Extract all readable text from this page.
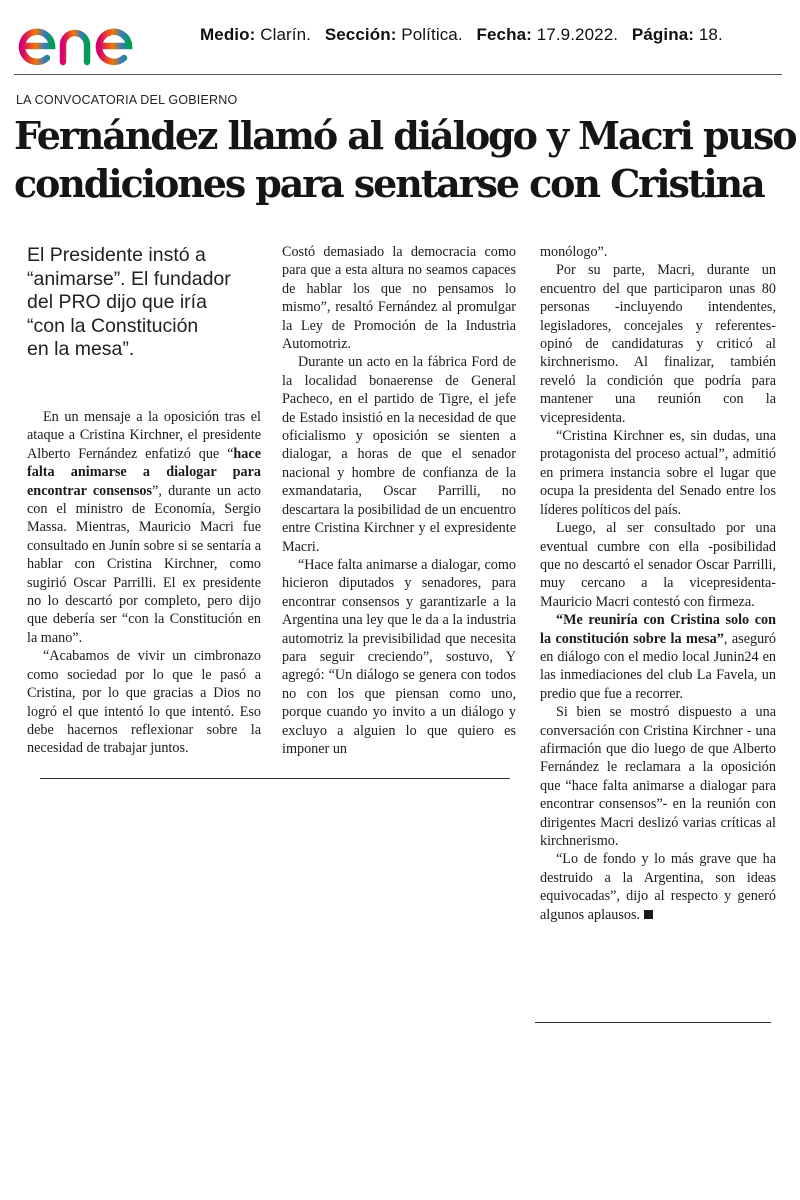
Medio: Clarín. Sección: Política. Fecha: 17.9.2022. Página: 18.
LA CONVOCATORIA DEL GOBIERNO
Fernández llamó al diálogo y Macri puso
condiciones para sentarse con Cristina
El Presidente instó a
“animarse”. El fundador
del PRO dijo que iría
“con la Constitución
en la mesa”.

En un mensaje a la oposición tras el ataque a Cristina Kirchner, el presidente Alberto Fernández enfatizó que “hace falta animarse a dialogar para encontrar consensos”, durante un acto con el ministro de Economía, Sergio Massa. Mientras, Mauricio Macri fue consultado en Junín sobre si se sentaría a hablar con Cristina Kirchner, como sugirió Oscar Parrilli. El ex presidente no lo descartó por completo, pero dijo que debería ser “con la Constitución en la mano”.

“Acabamos de vivir un cimbronazo como sociedad por lo que le pasó a Cristina, por lo que gracias a Dios no logró el que intentó lo que intentó. Eso debe hacernos reflexionar sobre la necesidad de trabajar juntos.

Costó demasiado la democracia como para que a esta altura no seamos capaces de hablar los que no pensamos lo mismo”, resaltó Fernández al promulgar la Ley de Promoción de la Industria Automotriz.

Durante un acto en la fábrica Ford de la localidad bonaerense de General Pacheco, en el partido de Tigre, el jefe de Estado insistió en la necesidad de que oficialismo y oposición se sienten a dialogar, a horas de que el senador nacional y hombre de confianza de la exmandataria, Oscar Parrilli, no descartara la posibilidad de un encuentro entre Cristina Kirchner y el expresidente Macri.

“Hace falta animarse a dialogar, como hicieron diputados y senadores, para encontrar consensos y garantizarle a la Argentina una ley que le da a la industria automotriz la previsibilidad que necesita para seguir creciendo”, sostuvo, Y agregó: “Un diálogo se genera con todos no con los que piensan como uno, porque cuando yo invito a un diálogo y excluyo a alguien lo que quiero es imponer un

monólogo”.

Por su parte, Macri, durante un encuentro del que participaron unas 80 personas -incluyendo intendentes, legisladores, concejales y referentes- opinó de candidaturas y criticó al kirchnerismo. Al finalizar, también reveló la condición que podría para mantener una reunión con la vicepresidenta.

“Cristina Kirchner es, sin dudas, una protagonista del proceso actual”, admitió en primera instancia sobre el lugar que ocupa la presidenta del Senado entre los líderes políticos del país.

Luego, al ser consultado por una eventual cumbre con ella -posibilidad que no descartó el senador Oscar Parrilli, muy cercano a la vicepresidenta- Mauricio Macri contestó con firmeza.

“Me reuniría con Cristina solo con la constitución sobre la mesa”, aseguró en diálogo con el medio local Junin24 en las inmediaciones del club La Favela, un predio que fue a recorrer.

Si bien se mostró dispuesto a una conversación con Cristina Kirchner - una afirmación que dio luego de que Alberto Fernández le reclamara a la oposición que “hace falta animarse a dialogar para encontrar consensos”- en la reunión con dirigentes Macri deslizó varias críticas al kirchnerismo.

“Lo de fondo y lo más grave que ha destruido a la Argentina, son ideas equivocadas”, dijo al respecto y generó algunos aplausos.
